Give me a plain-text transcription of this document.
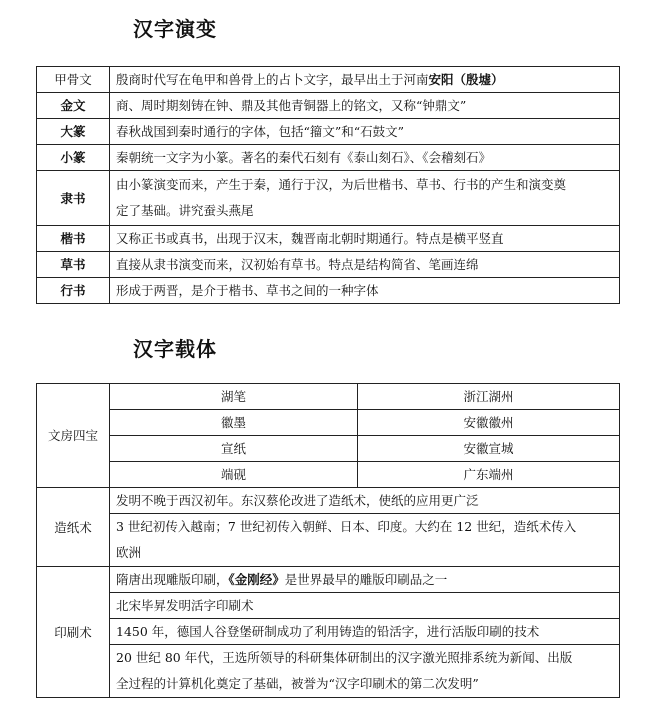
汉字演变
甲骨文	殷商时代写在龟甲和兽骨上的占卜文字，最早出土于河南安阳（殷墟）
金文	商、周时期刻铸在钟、鼎及其他青铜器上的铭文，又称“钟鼎文”
大篆	春秋战国到秦时通行的字体，包括“籀文”和“石鼓文”
小篆	秦朝统一文字为小篆。著名的秦代石刻有《泰山刻石》、《会稽刻石》
隶书	由小篆演变而来，产生于秦，通行于汉，为后世楷书、草书、行书的产生和演变奠
定了基础。讲究蚕头燕尾
楷书	又称正书或真书，出现于汉末，魏晋南北朝时期通行。特点是横平竖直
草书	直接从隶书演变而来，汉初始有草书。特点是结构简省、笔画连绵
行书	形成于两晋，是介于楷书、草书之间的一种字体
汉字载体
文房四宝	湖笔	浙江湖州
	徽墨	安徽徽州
	宣纸	安徽宣城
	端砚	广东端州
造纸术	发明不晚于西汉初年。东汉蔡伦改进了造纸术，使纸的应用更广泛	
	3 世纪初传入越南；7 世纪初传入朝鲜、日本、印度。大约在 12 世纪，造纸术传入
欧洲	
印刷术	隋唐出现雕版印刷，《金刚经》是世界最早的雕版印刷品之一	
	北宋毕昇发明活字印刷术	
	1450 年，德国人谷登堡研制成功了利用铸造的铅活字，进行活版印刷的技术	
	20 世纪 80 年代，王选所领导的科研集体研制出的汉字激光照排系统为新闻、出版
全过程的计算机化奠定了基础，被誉为“汉字印刷术的第二次发明”	
